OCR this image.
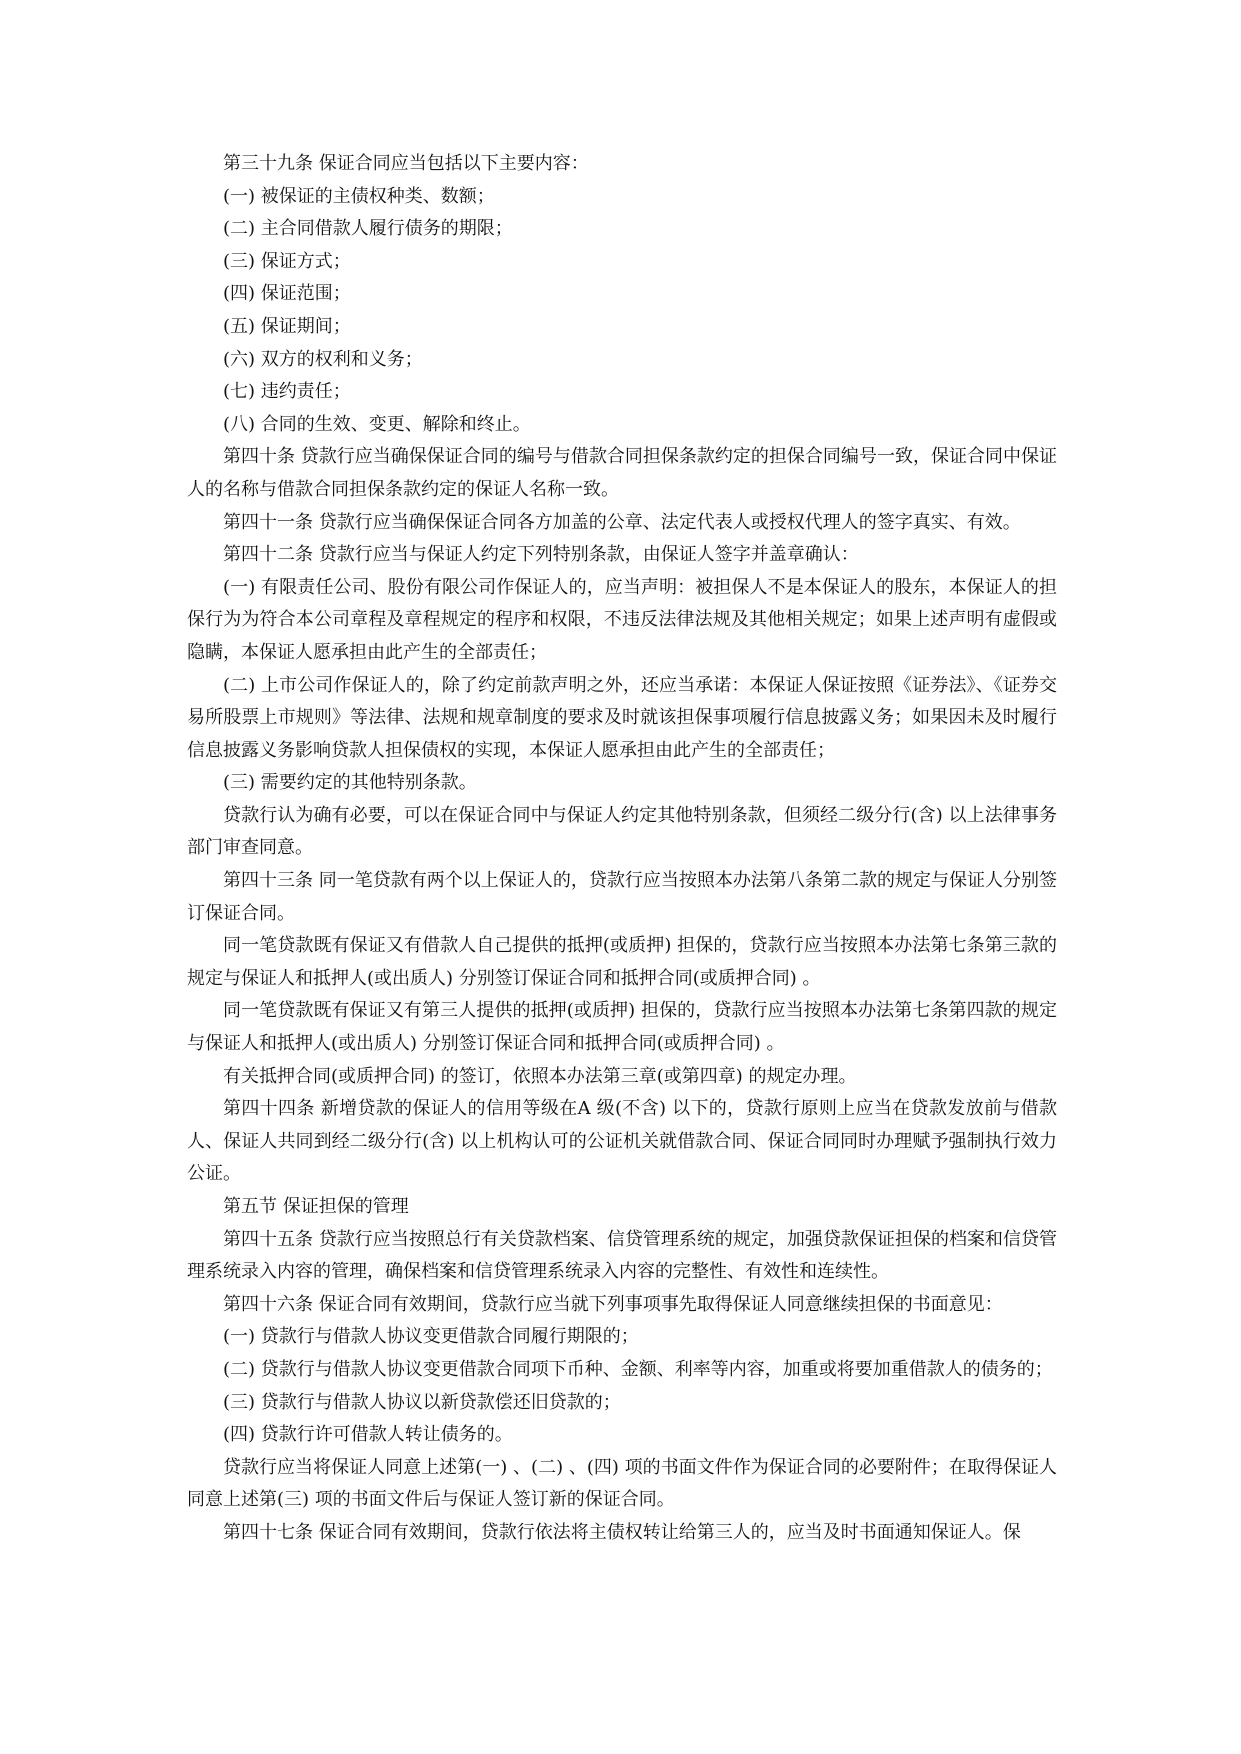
第三十九条 保证合同应当包括以下主要内容：

(一) 被保证的主债权种类、数额；

(二) 主合同借款人履行债务的期限；

(三) 保证方式；

(四) 保证范围；

(五) 保证期间；

(六) 双方的权利和义务；

(七) 违约责任；

(八) 合同的生效、变更、解除和终止。

第四十条 贷款行应当确保保证合同的编号与借款合同担保条款约定的担保合同编号一致，保证合同中保证人的名称与借款合同担保条款约定的保证人名称一致。

第四十一条 贷款行应当确保保证合同各方加盖的公章、法定代表人或授权代理人的签字真实、有效。

第四十二条 贷款行应当与保证人约定下列特别条款，由保证人签字并盖章确认：

(一) 有限责任公司、股份有限公司作保证人的，应当声明：被担保人不是本保证人的股东，本保证人的担保行为为符合本公司章程及章程规定的程序和权限，不违反法律法规及其他相关规定；如果上述声明有虚假或隐瞒，本保证人愿承担由此产生的全部责任；

(二) 上市公司作保证人的，除了约定前款声明之外，还应当承诺：本保证人保证按照《证券法》、《证券交易所股票上市规则》等法律、法规和规章制度的要求及时就该担保事项履行信息披露义务；如果因未及时履行信息披露义务影响贷款人担保债权的实现，本保证人愿承担由此产生的全部责任；

(三) 需要约定的其他特别条款。

贷款行认为确有必要，可以在保证合同中与保证人约定其他特别条款，但须经二级分行(含) 以上法律事务部门审查同意。

第四十三条 同一笔贷款有两个以上保证人的，贷款行应当按照本办法第八条第二款的规定与保证人分别签订保证合同。

同一笔贷款既有保证又有借款人自己提供的抵押(或质押) 担保的，贷款行应当按照本办法第七条第三款的规定与保证人和抵押人(或出质人) 分别签订保证合同和抵押合同(或质押合同) 。

同一笔贷款既有保证又有第三人提供的抵押(或质押) 担保的，贷款行应当按照本办法第七条第四款的规定与保证人和抵押人(或出质人) 分别签订保证合同和抵押合同(或质押合同) 。

有关抵押合同(或质押合同) 的签订，依照本办法第三章(或第四章) 的规定办理。

第四十四条 新增贷款的保证人的信用等级在A 级(不含) 以下的，贷款行原则上应当在贷款发放前与借款人、保证人共同到经二级分行(含) 以上机构认可的公证机关就借款合同、保证合同同时办理赋予强制执行效力公证。

第五节 保证担保的管理

第四十五条 贷款行应当按照总行有关贷款档案、信贷管理系统的规定，加强贷款保证担保的档案和信贷管理系统录入内容的管理，确保档案和信贷管理系统录入内容的完整性、有效性和连续性。

第四十六条 保证合同有效期间，贷款行应当就下列事项事先取得保证人同意继续担保的书面意见：

(一) 贷款行与借款人协议变更借款合同履行期限的；

(二) 贷款行与借款人协议变更借款合同项下币种、金额、利率等内容，加重或将要加重借款人的债务的；

(三) 贷款行与借款人协议以新贷款偿还旧贷款的；

(四) 贷款行许可借款人转让债务的。

贷款行应当将保证人同意上述第(一) 、(二) 、(四) 项的书面文件作为保证合同的必要附件；在取得保证人同意上述第(三) 项的书面文件后与保证人签订新的保证合同。

第四十七条 保证合同有效期间，贷款行依法将主债权转让给第三人的，应当及时书面通知保证人。保
